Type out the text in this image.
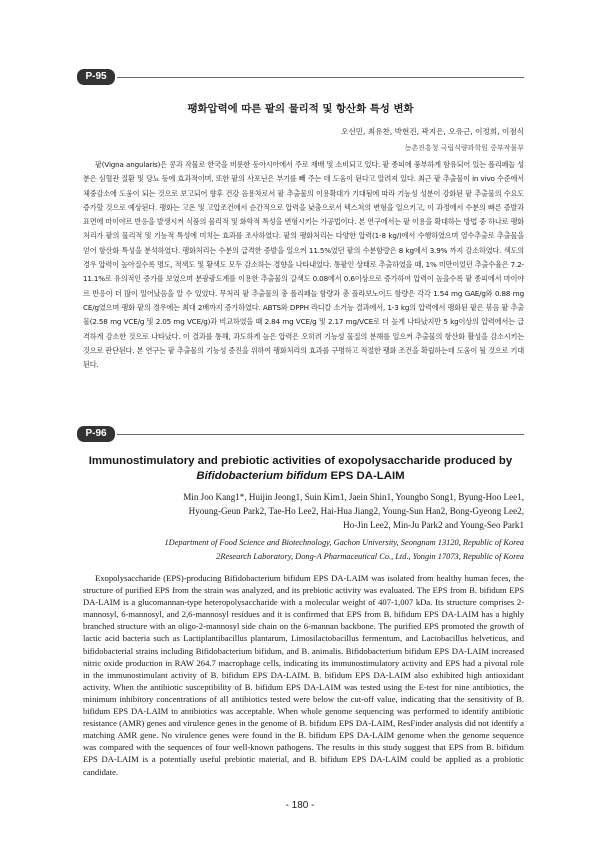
P-95
팽화압력에 따른 팥의 물리적 및 항산화 특성 변화
오선민, 최유찬, 박현진, 곽지은, 오유근, 이정희, 이점식
농촌진흥청 국립식량과학원 중부작물부

팥(Vigna angularis)은 콩과 작물로 한국을 비롯한 동아시아에서 주로 재배 및 소비되고 있다. 팥 종피에 풍부하게 함유되어 있는 폴리페놀 성분은 심혈관 질환 및 당뇨 등에 효과적이며, 또한 팥의 사포닌은 부기를 빼 주는 데 도움이 된다고 알려져 있다. 최근 팥 추출물이 in vivo 수준에서 체중감소에 도움이 되는 것으로 보고되어 향후 건강 음용차로서 팥 추출물의 이용확대가 기대됨에 따라 기능성 성분이 강화된 팥 추출물의 수요도 증가할 것으로 예상된다. 팽화는 고온 및 고압조건에서 순간적으로 압력을 낮춤으로서 텍스쳐의 변형을 일으키고, 이 과정에서 수분의 빠른 증발과 표면에 마이야르 반응을 발생시켜 식품의 물리적 및 화학적 특성을 변형시키는 가공법이다. 본 연구에서는 팥 이용을 확대하는 방법 중 하나로 팽화처리가 팥의 물리적 및 기능적 특성에 미치는 효과를 조사하였다. 팥의 팽화처리는 다양한 압력(1-8 kg/)에서 수행하였으며 열수추출로 추출물을 얻어 항산화 특성을 분석하였다. 팽화처리는 수분의 급격한 증발을 일으켜 11.5%였던 팥의 수분함량은 8 kg에서 3.9% 까지 감소하였다. 색도의 경우 압력이 높아질수록 명도, 적색도 및 황색도 모두 감소하는 경향을 나타내었다. 통팥인 상태로 추출하였을 때, 1% 미만이었던 추출수율은 7.2-11.1%로 유의적인 증가를 보였으며 분광광도계를 이용한 추출물의 갈색도 0.08에서 0.6이상으로 증가하여 압력이 높을수록 팥 종피에서 마이야르 반응이 더 많이 일어났음을 알 수 있었다. 무처리 팥 추출물의 총 폴리페놀 함량과 총 플라보노이드 함량은 각각 1.54 mg GAE/g와 0.88 mg CE/g였으며 팽화 팥의 경우에는 최대 2배까지 증가하였다. ABTS와 DPPH 라디칼 소거능 결과에서, 1-3 kg의 압력에서 팽화된 팥은 볶음 팥 추출물(2.58 mg VCE/g 및 2.05 mg VCE/g)과 비교하였을 때 2.84 mg VCE/g 및 2.17 mg/VCE로 더 높게 나타났지만 5 kg이상의 압력에서는 급격하게 감소한 것으로 나타났다. 이 결과를 통해, 과도하게 높은 압력은 오히려 기능성 물질의 분해를 일으켜 추출물의 항산화 활성을 감소시키는 것으로 판단된다. 본 연구는 팥 추출물의 기능성 증진을 위하여 팽화처리의 효과를 구명하고 적절한 팽화 조건을 확립하는데 도움이 될 것으로 기대된다.

P-96
Immunostimulatory and prebiotic activities of exopolysaccharide produced by
Bifidobacterium bifidum EPS DA-LAIM
Min Joo Kang1*, Huijin Jeong1, Suin Kim1, Jaein Shin1, Youngbo Song1, Byung-Hoo Lee1,
Hyoung-Geun Park2, Tae-Ho Lee2, Hai-Hua Jiang2, Young-Sun Han2, Bong-Gyeong Lee2,
Ho-Jin Lee2, Min-Ju Park2 and Young-Seo Park1
1Department of Food Science and Biotechnology, Gachon University, Seongnam 13120, Republic of Korea
2Research Laboratory, Dong-A Pharmaceutical Co., Ltd., Yongin 17073, Republic of Korea

Exopolysaccharide (EPS)-producing Bifidobacterium bifidum EPS DA-LAIM was isolated from healthy human feces, the structure of purified EPS from the strain was analyzed, and its prebiotic activity was evaluated. The EPS from B. bifidum EPS DA-LAIM is a glucomannan-type heteropolysaccharide with a molecular weight of 407-1,007 kDa. Its structure comprises 2-mannosyl, 6-mannosyl, and 2,6-mannosyl residues and it is confirmed that EPS from B. bifidum EPS DA-LAIM has a highly branched structure with an oligo-2-mannosyl side chain on the 6-mannan backbone. The purified EPS promoted the growth of lactic acid bacteria such as Lactiplantibacillus plantarum, Limosilactobacillus fermentum, and Lactobacillus helveticus, and bifidobacterial strains including Bifidobacterium bifidum, and B. animalis. Bifidobacterium bifidum EPS DA-LAIM increased nitric oxide production in RAW 264.7 macrophage cells, indicating its immunostimulatory activity and EPS had a pivotal role in the immunostimulant activity of B. bifidum EPS DA-LAIM. B. bifidum EPS DA-LAIM also exhibited high antioxidant activity. When the antibiotic susceptibility of B. bifidum EPS DA-LAIM was tested using the E-test for nine antibiotics, the minimum inhibitory concentrations of all antibiotics tested were below the cut-off value, indicating that the sensitivity of B. bifidum EPS DA-LAIM to antibiotics was acceptable. When whole genome sequencing was performed to identify antibiotic resistance (AMR) genes and virulence genes in the genome of B. bifidum EPS DA-LAIM, ResFinder analysis did not identify a matching AMR gene. No virulence genes were found in the B. bifidum EPS DA-LAIM genome when the genome sequence was compared with the sequences of four well-known pathogens. The results in this study suggest that EPS from B. bifidum EPS DA-LAIM is a potentially useful prebiotic material, and B. bifidum EPS DA-LAIM could be applied as a probiotic candidate.

- 180 -
